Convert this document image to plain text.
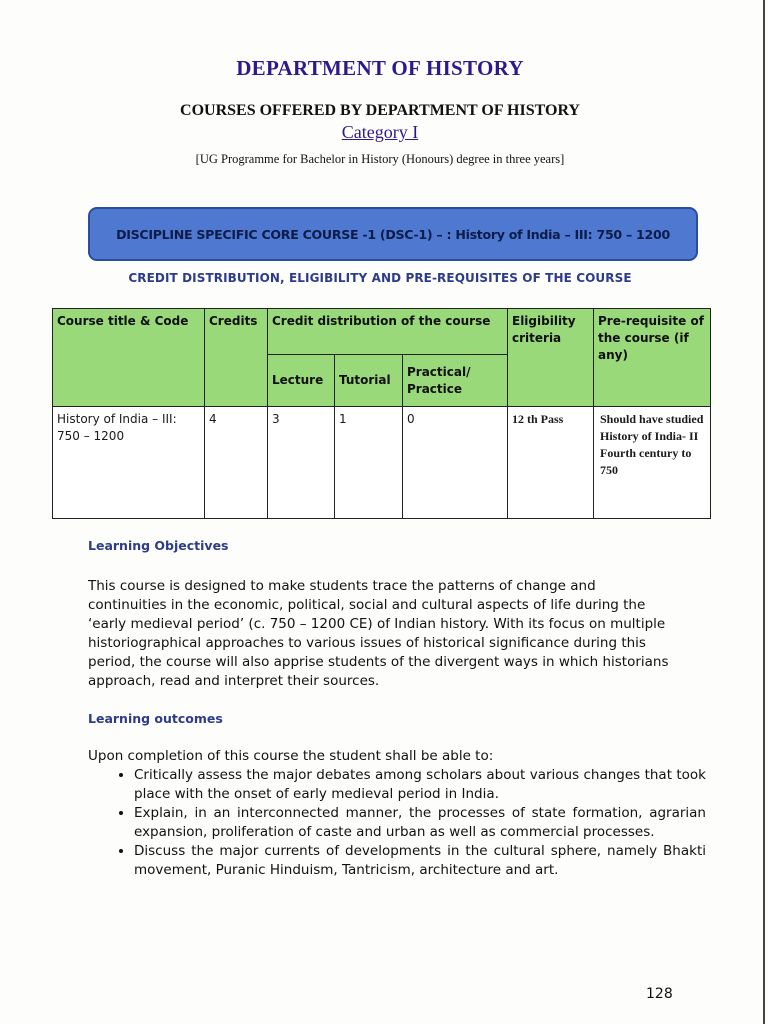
DEPARTMENT OF HISTORY
COURSES OFFERED BY DEPARTMENT OF HISTORY
Category I
[UG Programme for Bachelor in History (Honours) degree in three years]
DISCIPLINE SPECIFIC CORE COURSE -1 (DSC-1) – : History of India – III: 750 – 1200
CREDIT DISTRIBUTION, ELIGIBILITY AND PRE-REQUISITES OF THE COURSE
Course title & Code	Credits	Credit distribution of the course			Eligibility criteria	Pre-requisite of the course (if any)
		Lecture	Tutorial	Practical/ Practice		
History of India – III: 750 – 1200	4	3	1	0	12 th Pass	Should have studied History of India- II Fourth century to 750
Learning Objectives
This course is designed to make students trace the patterns of change and continuities in the economic, political, social and cultural aspects of life during the ‘early medieval period’ (c. 750 – 1200 CE) of Indian history. With its focus on multiple historiographical approaches to various issues of historical significance during this period, the course will also apprise students of the divergent ways in which historians approach, read and interpret their sources.
Learning outcomes
Upon completion of this course the student shall be able to:
• Critically assess the major debates among scholars about various changes that took place with the onset of early medieval period in India.
• Explain, in an interconnected manner, the processes of state formation, agrarian expansion, proliferation of caste and urban as well as commercial processes.
• Discuss the major currents of developments in the cultural sphere, namely Bhakti movement, Puranic Hinduism, Tantricism, architecture and art.
128
